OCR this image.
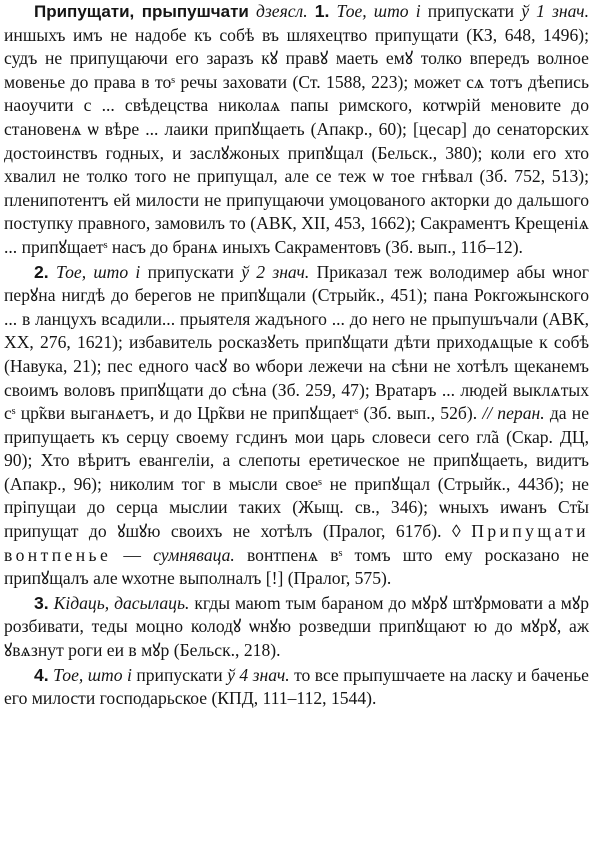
Припущати, прыпушчати дзеясл. 1. Тое, што і припускати ў 1 знач. иншыхъ имъ не надобе къ собѣ въ шляхецтво припущати (КЗ, 648, 1496); судъ не припущаючи его заразъ кꙋ правꙋ маеть емꙋ толко впередъ волное мовенье до права в тоˢ речы заховати (Ст. 1588, 223); может сѧ тотъ дѣепись наоучити с ... свѣдецства николаѧ папы римского, котѡрій меновите до становенѧ ѡ вѣре ... лаики припꙋщаеть (Апакр., 60); [цесар] до сенаторских достоинствъ годных, и заслꙋжоных припꙋщал (Бельск., 380); коли его хто хвалил не толко того не припущал, але се теж ѡ тое гнѣвал (Зб. 752, 513); пленипотентъ ей милости не припущаючи умоцованого акторки до дальшого поступку правного, замовилъ то (АВК, XII, 453, 1662); Сакраментъ Крещенiѧ ... припꙋщаетˢ насъ до бранѧ иныхъ Сакраментовъ (Зб. вып., 11б–12).

2. Тое, што і припускати ў 2 знач. Приказал теж володимер абы ѡног перꙋна нигдѣ до берегов не припꙋщали (Стрыйк., 451); пана Рокгожынского ... в ланцухъ всадили... прыятеля жадъного ... до него не прыпушъчали (АВК, XX, 276, 1621); избавитель росказꙋеть припꙋщати дѣти приходѧщые к собѣ (Навука, 21); пес едного часꙋ во ѡбори лежечи на сѣни не хотѣлъ щеканемъ своимъ воловъ припꙋщати до сѣна (Зб. 259, 47); Вратаръ ... людей выклѧтых cˢ цр̃кви выганѧетъ, и до Цр̃кви не припꙋщаетˢ (Зб. вып., 52б). // перан. да не припущаеть къ серцу своему гсдинъ мои царь словеси сего гл̃а (Скар. ДЦ, 90); Хто вѣритъ евангелiи, а слепоты еретическое не припꙋщаеть, видитъ (Апакр., 96); николим тог в мысли своеˢ не припꙋщал (Стрыйк., 443б); не пріпущаи до серца мыслии таких (Жыщ. св., 346); ѡныхъ иѡанъ Ст̃ы припущат до ꙋшꙋю своихъ не хотѣлъ (Пралог, 617б). ◊ Припущати вонтпенье — сумняваца. вонтпенѧ вˢ томъ што ему росказано не припꙋщалъ але ѡхотне выполналъ [!] (Пралог, 575).

3. Кідаць, дасылаць. кгды маюm тым бараном до мꙋрꙋ штꙋрмовати а мꙋр розбивати, теды моцно колодꙋ ѡнꙋю розведши припꙋщают ю до мꙋрꙋ, аж ꙋвѧзнут роги еи в мꙋр (Бельск., 218).

4. Тое, што і припускати ў 4 знач. то все прыпушчаете на ласку и баченье его милости господарьское (КПД, 111–112, 1544).
